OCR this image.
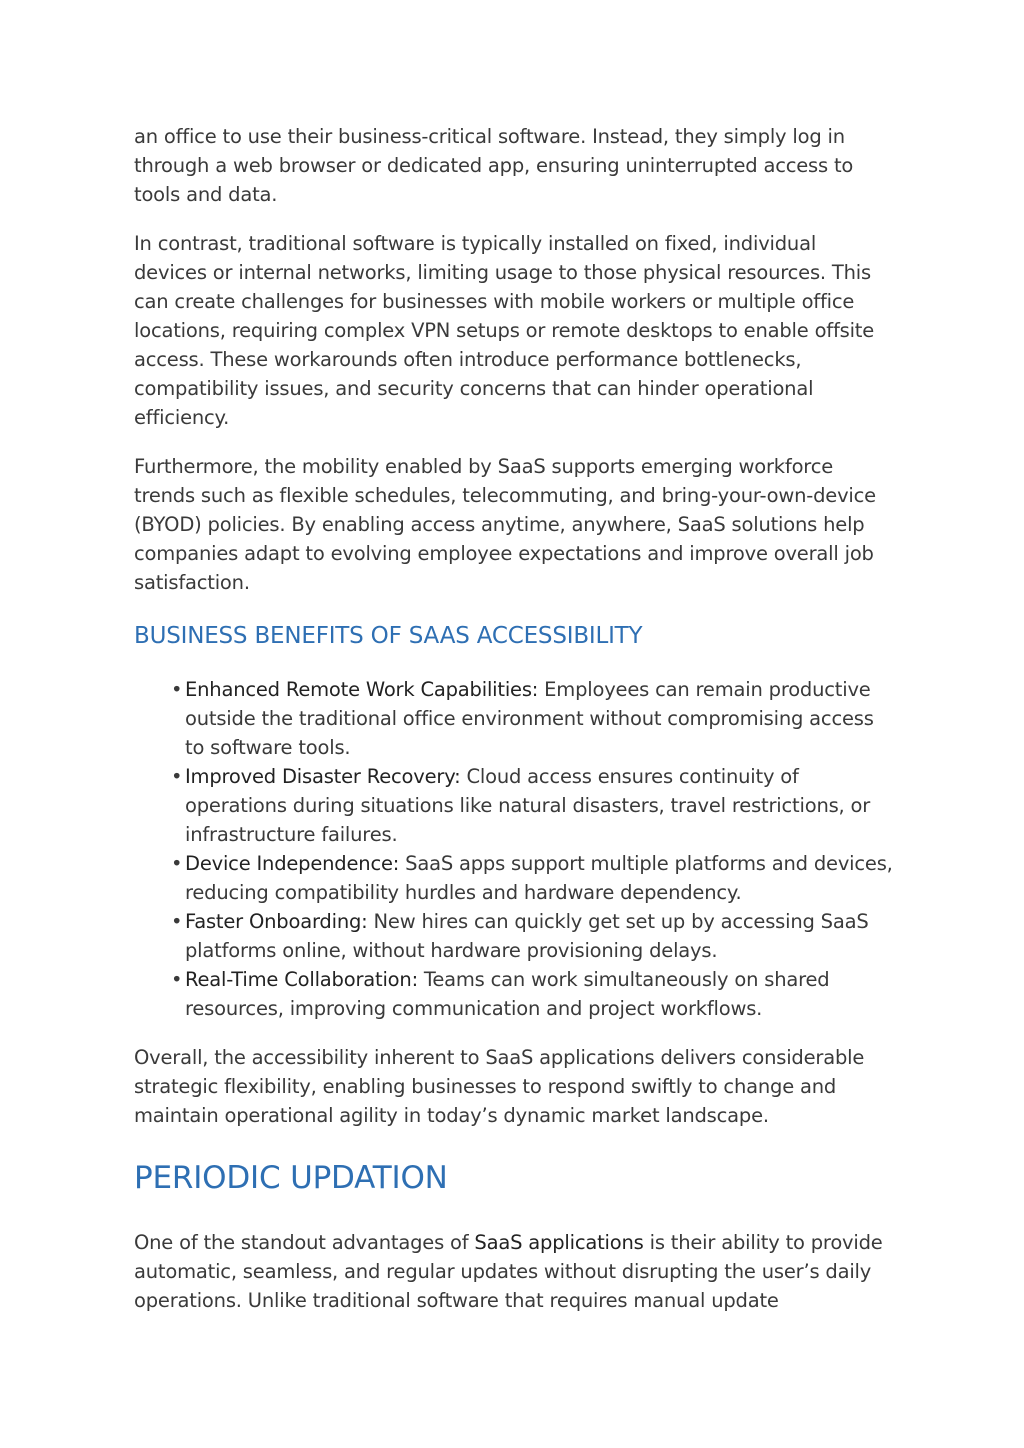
an office to use their business-critical software. Instead, they simply log in through a web browser or dedicated app, ensuring uninterrupted access to tools and data.

In contrast, traditional software is typically installed on fixed, individual devices or internal networks, limiting usage to those physical resources. This can create challenges for businesses with mobile workers or multiple office locations, requiring complex VPN setups or remote desktops to enable offsite access. These workarounds often introduce performance bottlenecks, compatibility issues, and security concerns that can hinder operational efficiency.

Furthermore, the mobility enabled by SaaS supports emerging workforce trends such as flexible schedules, telecommuting, and bring-your-own-device (BYOD) policies. By enabling access anytime, anywhere, SaaS solutions help companies adapt to evolving employee expectations and improve overall job satisfaction.

BUSINESS BENEFITS OF SAAS ACCESSIBILITY
• Enhanced Remote Work Capabilities: Employees can remain productive outside the traditional office environment without compromising access to software tools.
• Improved Disaster Recovery: Cloud access ensures continuity of operations during situations like natural disasters, travel restrictions, or infrastructure failures.
• Device Independence: SaaS apps support multiple platforms and devices, reducing compatibility hurdles and hardware dependency.
• Faster Onboarding: New hires can quickly get set up by accessing SaaS platforms online, without hardware provisioning delays.
• Real-Time Collaboration: Teams can work simultaneously on shared resources, improving communication and project workflows.

Overall, the accessibility inherent to SaaS applications delivers considerable strategic flexibility, enabling businesses to respond swiftly to change and maintain operational agility in today’s dynamic market landscape.

PERIODIC UPDATION

One of the standout advantages of SaaS applications is their ability to provide automatic, seamless, and regular updates without disrupting the user’s daily operations. Unlike traditional software that requires manual update
